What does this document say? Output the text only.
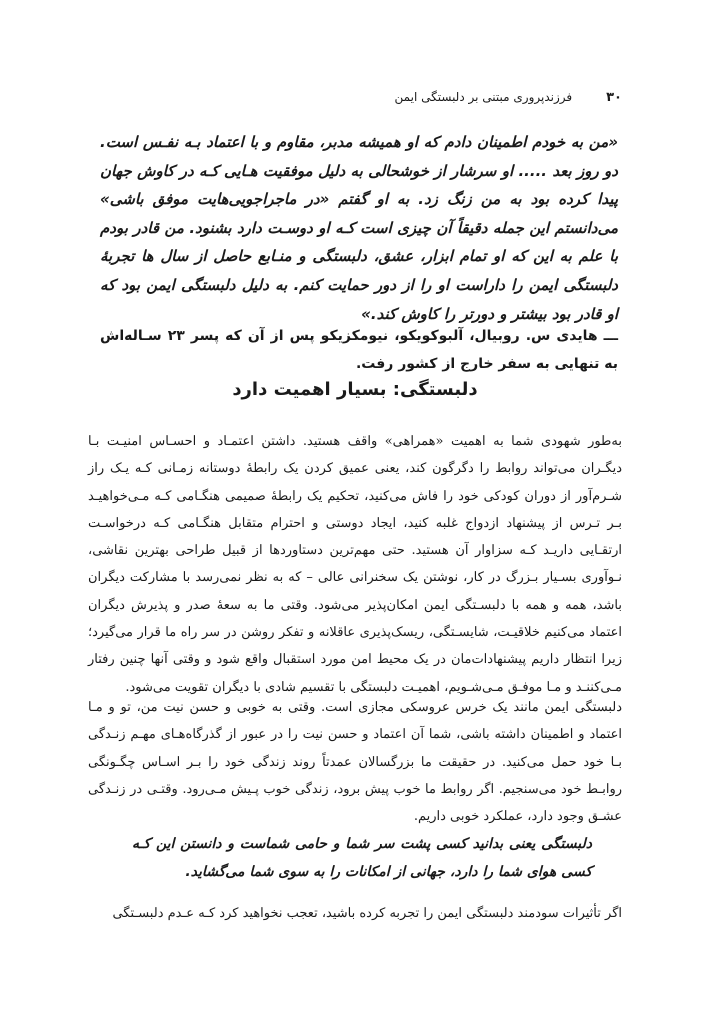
۳۰
فرزندپروری مبتنی بر دلبستگی ایمن
«من به خودم اطمینان دادم که او همیشه مدبر، مقاوم و با اعتماد بـه نفـس است. دو روز بعد ..... او سرشار از خوشحالی به دلیل موفقیت هـایی کـه در کاوش جهان پیدا کرده بود به من زنگ زد. به او گفتم «در ماجراجویی‌هایت موفق باشی» می‌دانستم این جمله دقیقاً آن چیزی است کـه او دوسـت دارد بشنود. من قادر بودم با علم به این که او تمام ابزار، عشق، دلبستگی و منـابع حاصل از سال ها تجربهٔ دلبستگی ایمن را داراست او را از دور حمایت کنم. به دلیل دلبستگی ایمن بود که او قادر بود بیشتر و دورتر را کاوش کند.»
ـــ هایدی س. روبیال، آلبوکویکو، نیومکزیکو پس از آن که پسر ۲۳ سـاله‌اش به تنهایی به سفر خارج از کشور رفت.
دلبستگی: بسیار اهمیت دارد

به‌طور شهودی شما به اهمیت «همراهی» واقف هستید. داشتن اعتمـاد و احسـاس امنیـت بـا دیگـران می‌تواند روابط را دگرگون کند، یعنی عمیق کردن یک رابطهٔ دوستانه زمـانی کـه یـک راز شـرم‌آور از دوران کودکی خود را فاش می‌کنید، تحکیم یک رابطهٔ صمیمی هنگـامی کـه مـی‌خواهیـد بـر تـرس از پیشنهاد ازدواج غلبه کنید، ایجاد دوستی و احترام متقابل هنگـامی کـه درخواسـت ارتقـایی داریـد کـه سزاوار آن هستید. حتی مهم‌ترین دستاوردها از قبیل طراحی بهترین نقاشی، نـوآوری بسـیار بـزرگ در کار، نوشتن یک سخنرانی عالی – که به نظر نمی‌رسد با مشارکت دیگران باشد، همه و همه با دلبسـتگی ایمن امکان‌پذیر می‌شود. وقتی ما به سعهٔ صدر و پذیرش دیگران اعتماد می‌کنیم خلاقیـت، شایسـتگی، ریسک‌پذیری عاقلانه و تفکر روشن در سر راه ما قرار می‌گیرد؛ زیرا انتظار داریم پیشنهادات‌مان در یک محیط امن مورد استقبال واقع شود و وقتی آنها چنین رفتار مـی‌کننـد و مـا موفـق مـی‌شـویم، اهمیـت دلبستگی با تقسیم شادی با دیگران تقویت می‌شود.

دلبستگی ایمن مانند یک خرس عروسکی مجازی است. وقتی به خوبی و حسن نیت من، تو و مـا اعتماد و اطمینان داشته باشی، شما آن اعتماد و حسن نیت را در عبور از گذرگاه‌هـای مهـم زنـدگی بـا خود حمل می‌کنید. در حقیقت ما بزرگسالان عمدتاً روند زندگی خود را بـر اسـاس چگـونگی روابـط خود می‌سنجیم. اگر روابط ما خوب پیش برود، زندگی خوب پـیش مـی‌رود. وقتـی در زنـدگی عشـق وجود دارد، عملکرد خوبی داریم.

دلبستگی یعنی بدانید کسی پشت سر شما و حامی شماست و دانستن این کـه کسی هوای شما را دارد، جهانی از امکانات را به سوی شما می‌گشاید.

اگر تأثیرات سودمند دلبستگی ایمن را تجربه کرده باشید، تعجب نخواهید کرد کـه عـدم دلبسـتگی
